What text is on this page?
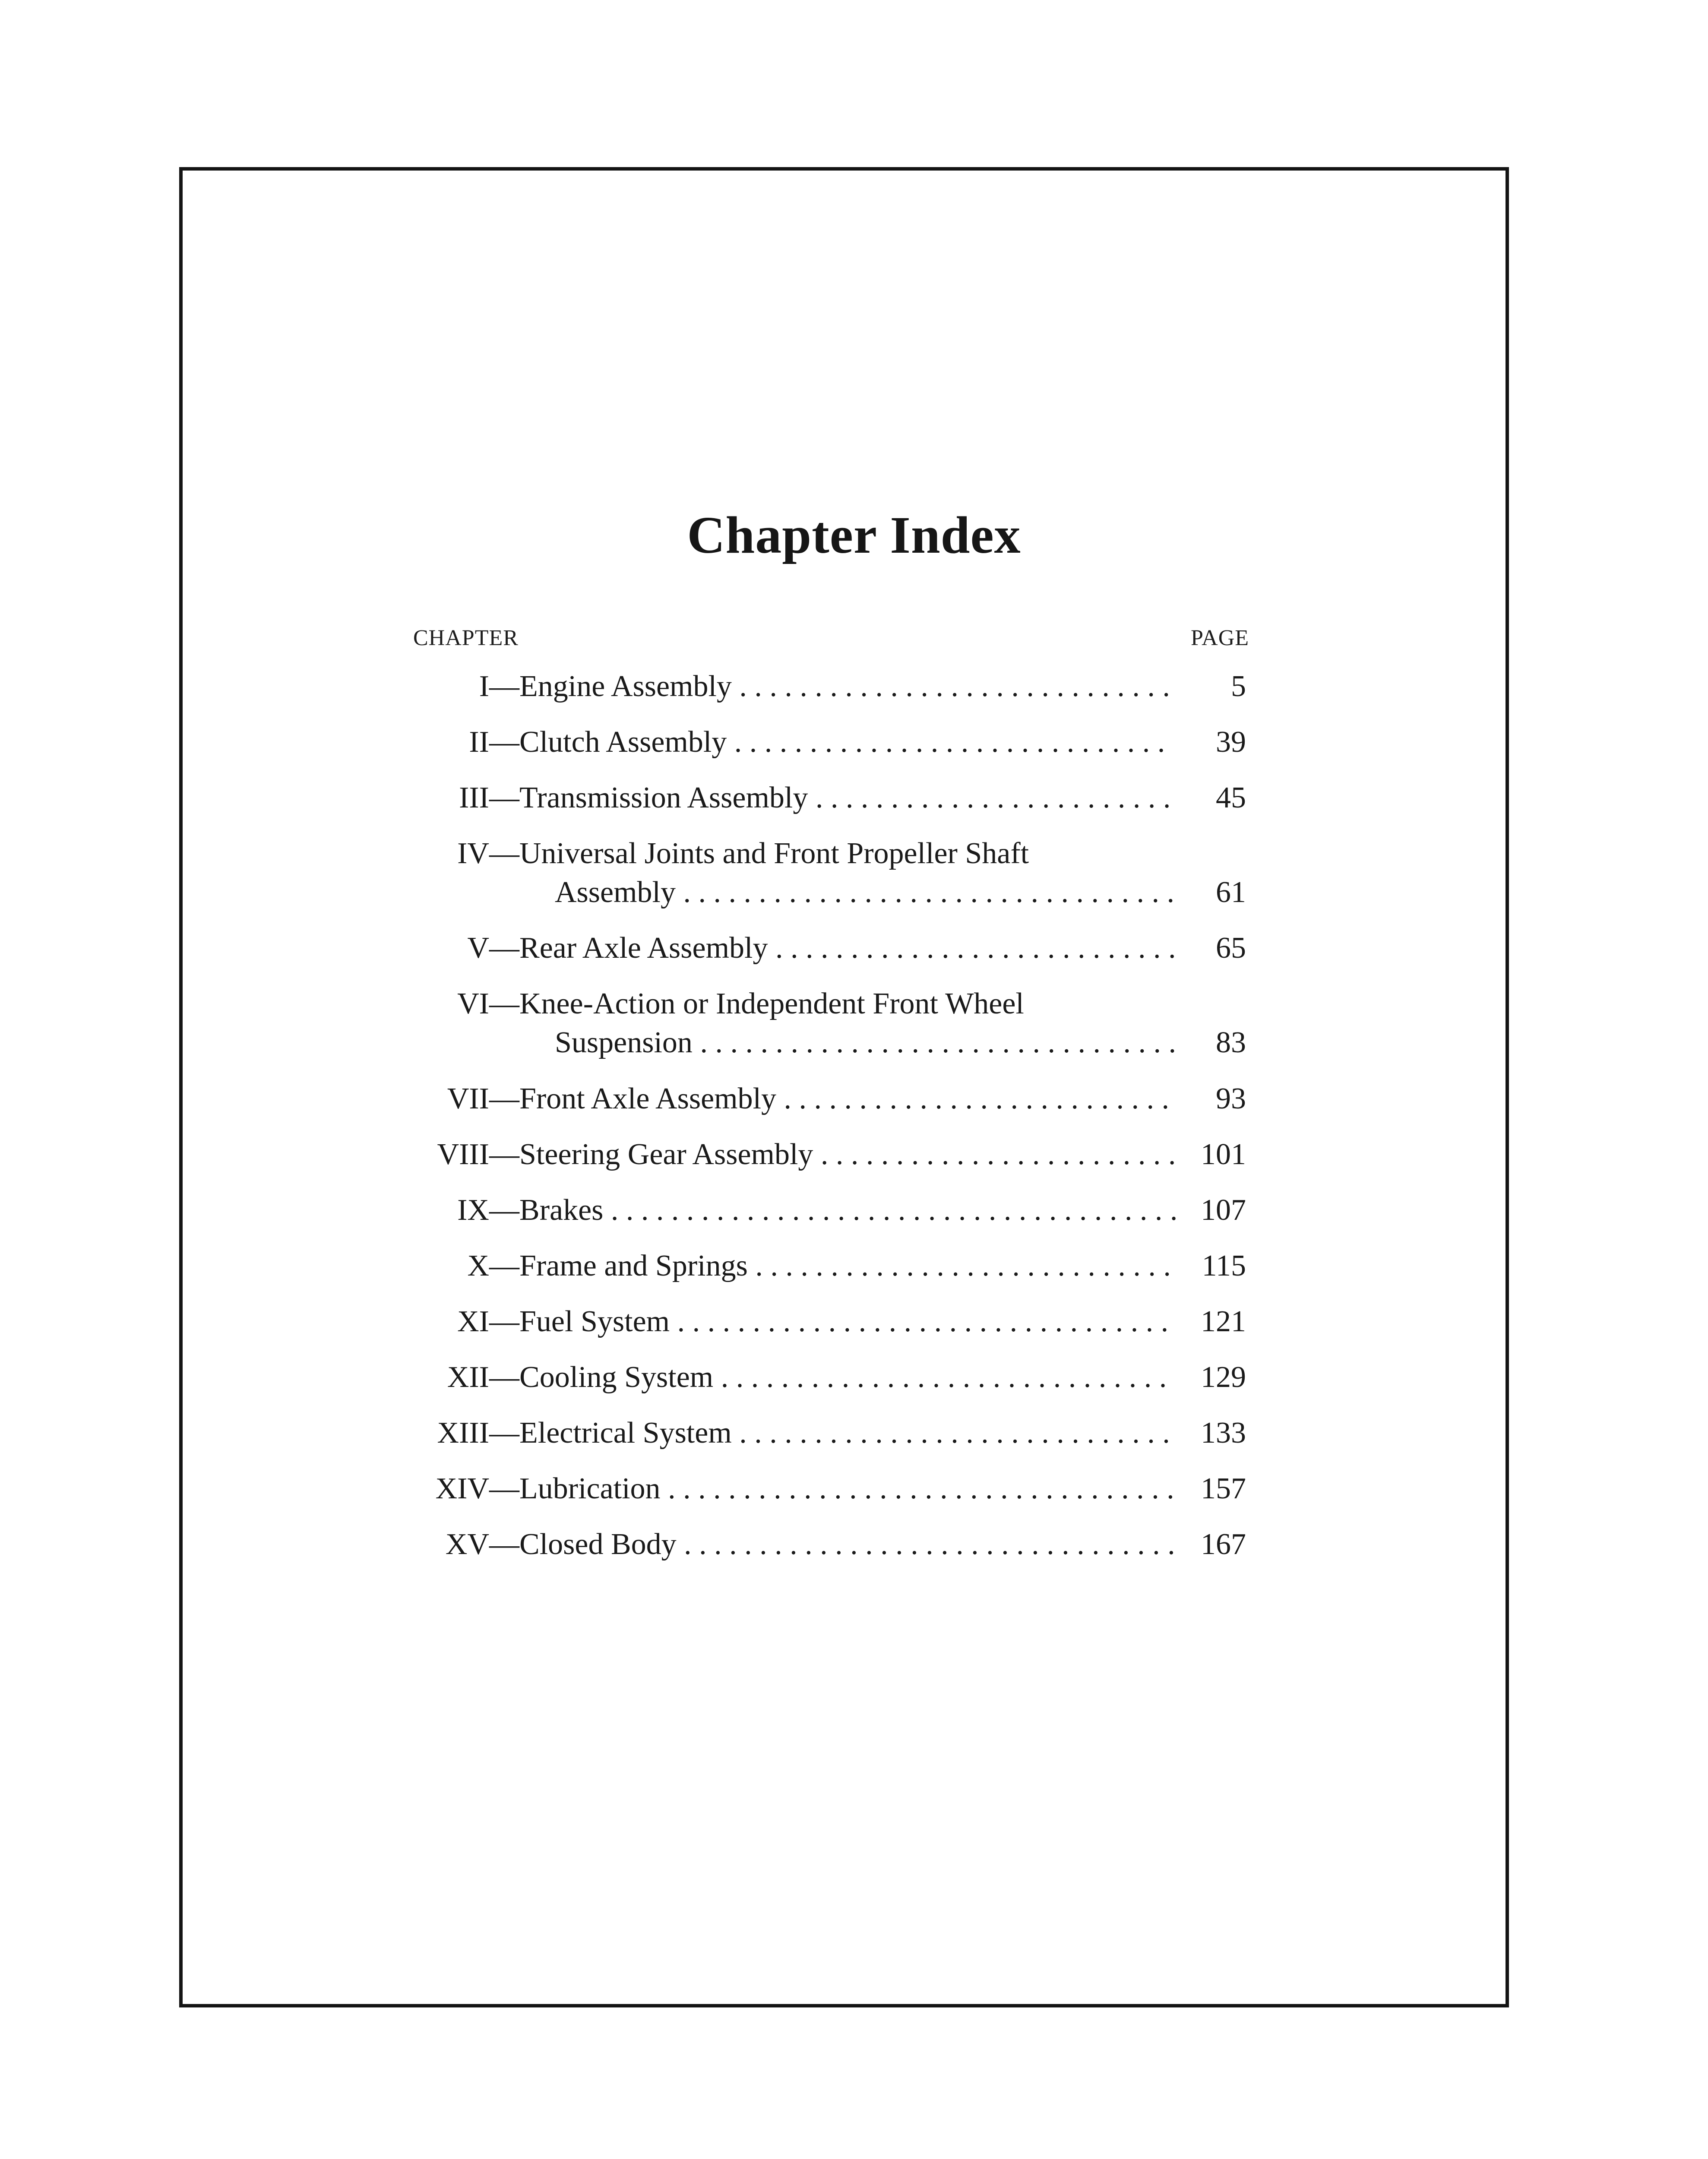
Chapter Index
CHAPTER	PAGE
I— Engine Assembly . . . . . . . . . . . . . . . . . . . . . . . . . . . . .	5
II— Clutch Assembly . . . . . . . . . . . . . . . . . . . . . . . . . . . . .	39
III— Transmission Assembly . . . . . . . . . . . . . . . . . . . . . . . .	45
IV— Universal Joints and Front Propeller Shaft
Assembly . . . . . . . . . . . . . . . . . . . . . . . . . . . . . . . . .	61
V— Rear Axle Assembly . . . . . . . . . . . . . . . . . . . . . . . . . . .	65
VI— Knee-Action or Independent Front Wheel
Suspension . . . . . . . . . . . . . . . . . . . . . . . . . . . . . . . .	83
VII— Front Axle Assembly . . . . . . . . . . . . . . . . . . . . . . . . . .	93
VIII— Steering Gear Assembly . . . . . . . . . . . . . . . . . . . . . . . . 101
IX— Brakes . . . . . . . . . . . . . . . . . . . . . . . . . . . . . . . . . . . . . . 107
X— Frame and Springs . . . . . . . . . . . . . . . . . . . . . . . . . . . .	115
XI— Fuel System . . . . . . . . . . . . . . . . . . . . . . . . . . . . . . . . .	121
XII— Cooling System . . . . . . . . . . . . . . . . . . . . . . . . . . . . . .	129
XIII— Electrical System . . . . . . . . . . . . . . . . . . . . . . . . . . . . .	133
XIV— Lubrication . . . . . . . . . . . . . . . . . . . . . . . . . . . . . . . . . . 157
XV— Closed Body . . . . . . . . . . . . . . . . . . . . . . . . . . . . . . . . . 167
